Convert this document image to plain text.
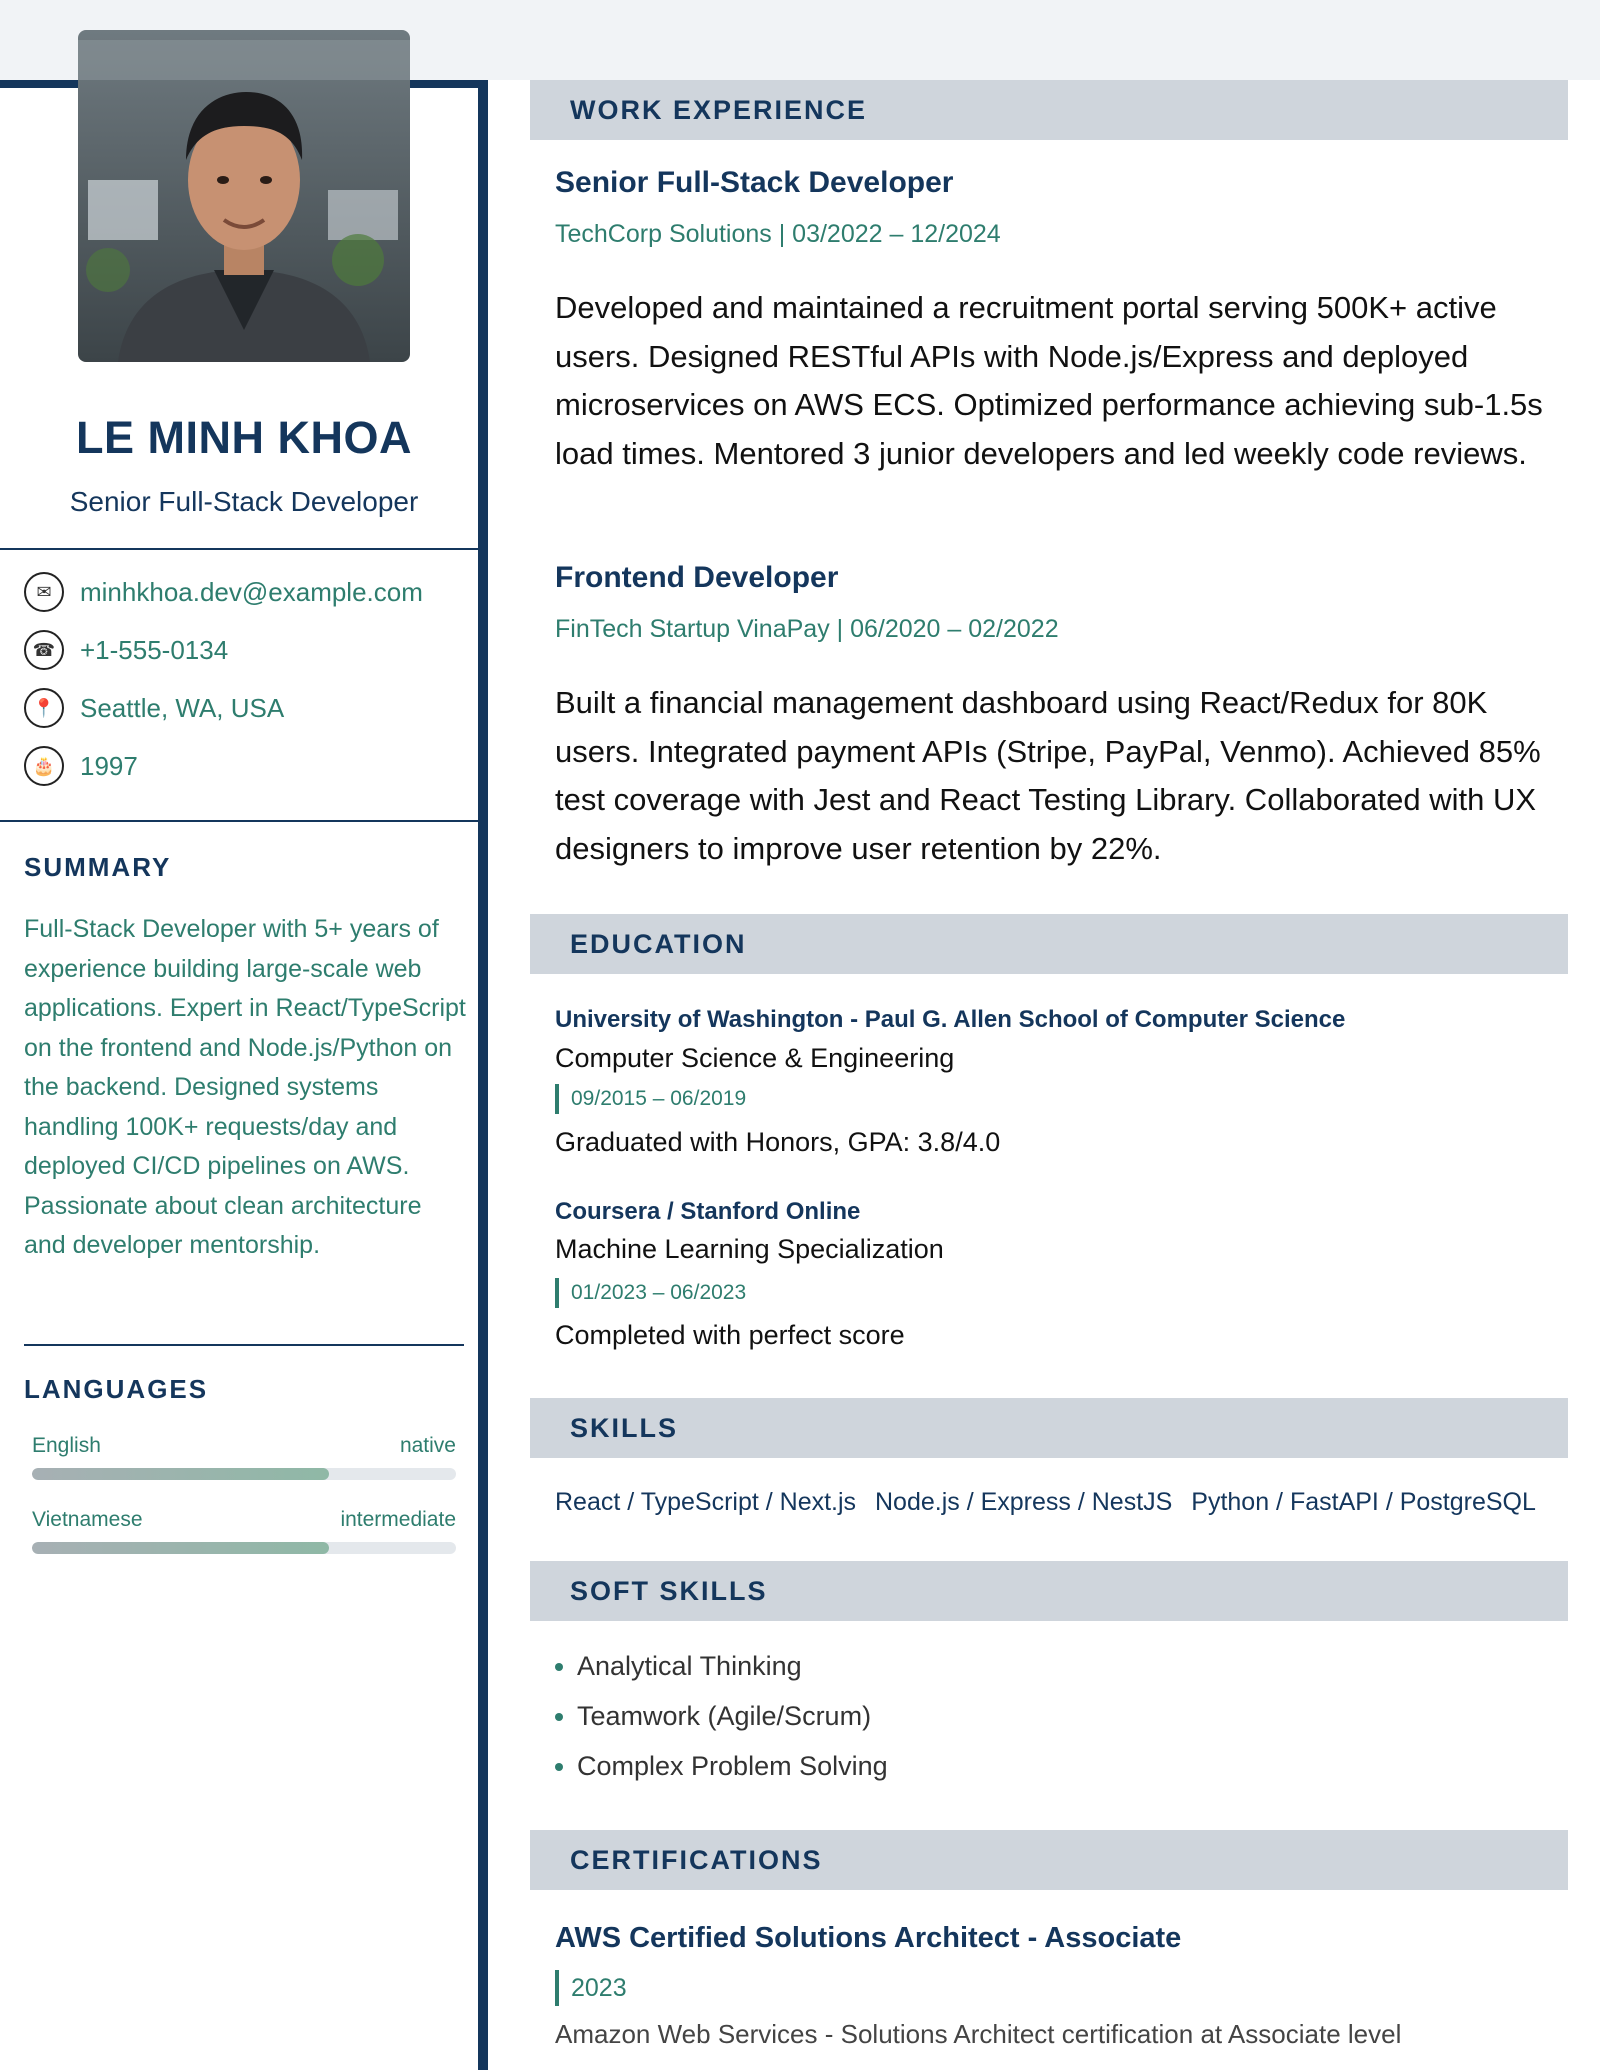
LE MINH KHOA
Senior Full-Stack Developer
✉	minhkhoa.dev@example.com
☎ +1-555-0134
📍 Seattle, WA, USA
🎂 1997
SUMMARY
Full-Stack Developer with 5+ years of experience building large-scale web applications. Expert in React/TypeScript on the frontend and Node.js/Python on the backend. Designed systems handling 100K+ requests/day and deployed CI/CD pipelines on AWS. Passionate about clean architecture and developer mentorship.
LANGUAGES
English	native
Vietnamese	intermediate
WORK EXPERIENCE
Senior Full-Stack Developer
TechCorp Solutions | 03/2022 – 12/2024
Developed and maintained a recruitment portal serving 500K+ active users. Designed RESTful APIs with Node.js/Express and deployed microservices on AWS ECS. Optimized performance achieving sub-1.5s load times. Mentored 3 junior developers and led weekly code reviews.
Frontend Developer
FinTech Startup VinaPay | 06/2020 – 02/2022
Built a financial management dashboard using React/Redux for 80K users. Integrated payment APIs (Stripe, PayPal, Venmo). Achieved 85% test coverage with Jest and React Testing Library. Collaborated with UX designers to improve user retention by 22%.
EDUCATION
University of Washington - Paul G. Allen School of Computer Science
Computer Science & Engineering
09/2015 – 06/2019
Graduated with Honors, GPA: 3.8/4.0
Coursera / Stanford Online
Machine Learning Specialization
01/2023 – 06/2023
Completed with perfect score
SKILLS
React / TypeScript / Next.js Node.js / Express / NestJS Python / FastAPI / PostgreSQL
SOFT SKILLS
Analytical Thinking
Teamwork (Agile/Scrum)
Complex Problem Solving
CERTIFICATIONS
AWS Certified Solutions Architect - Associate
2023
Amazon Web Services - Solutions Architect certification at Associate level
